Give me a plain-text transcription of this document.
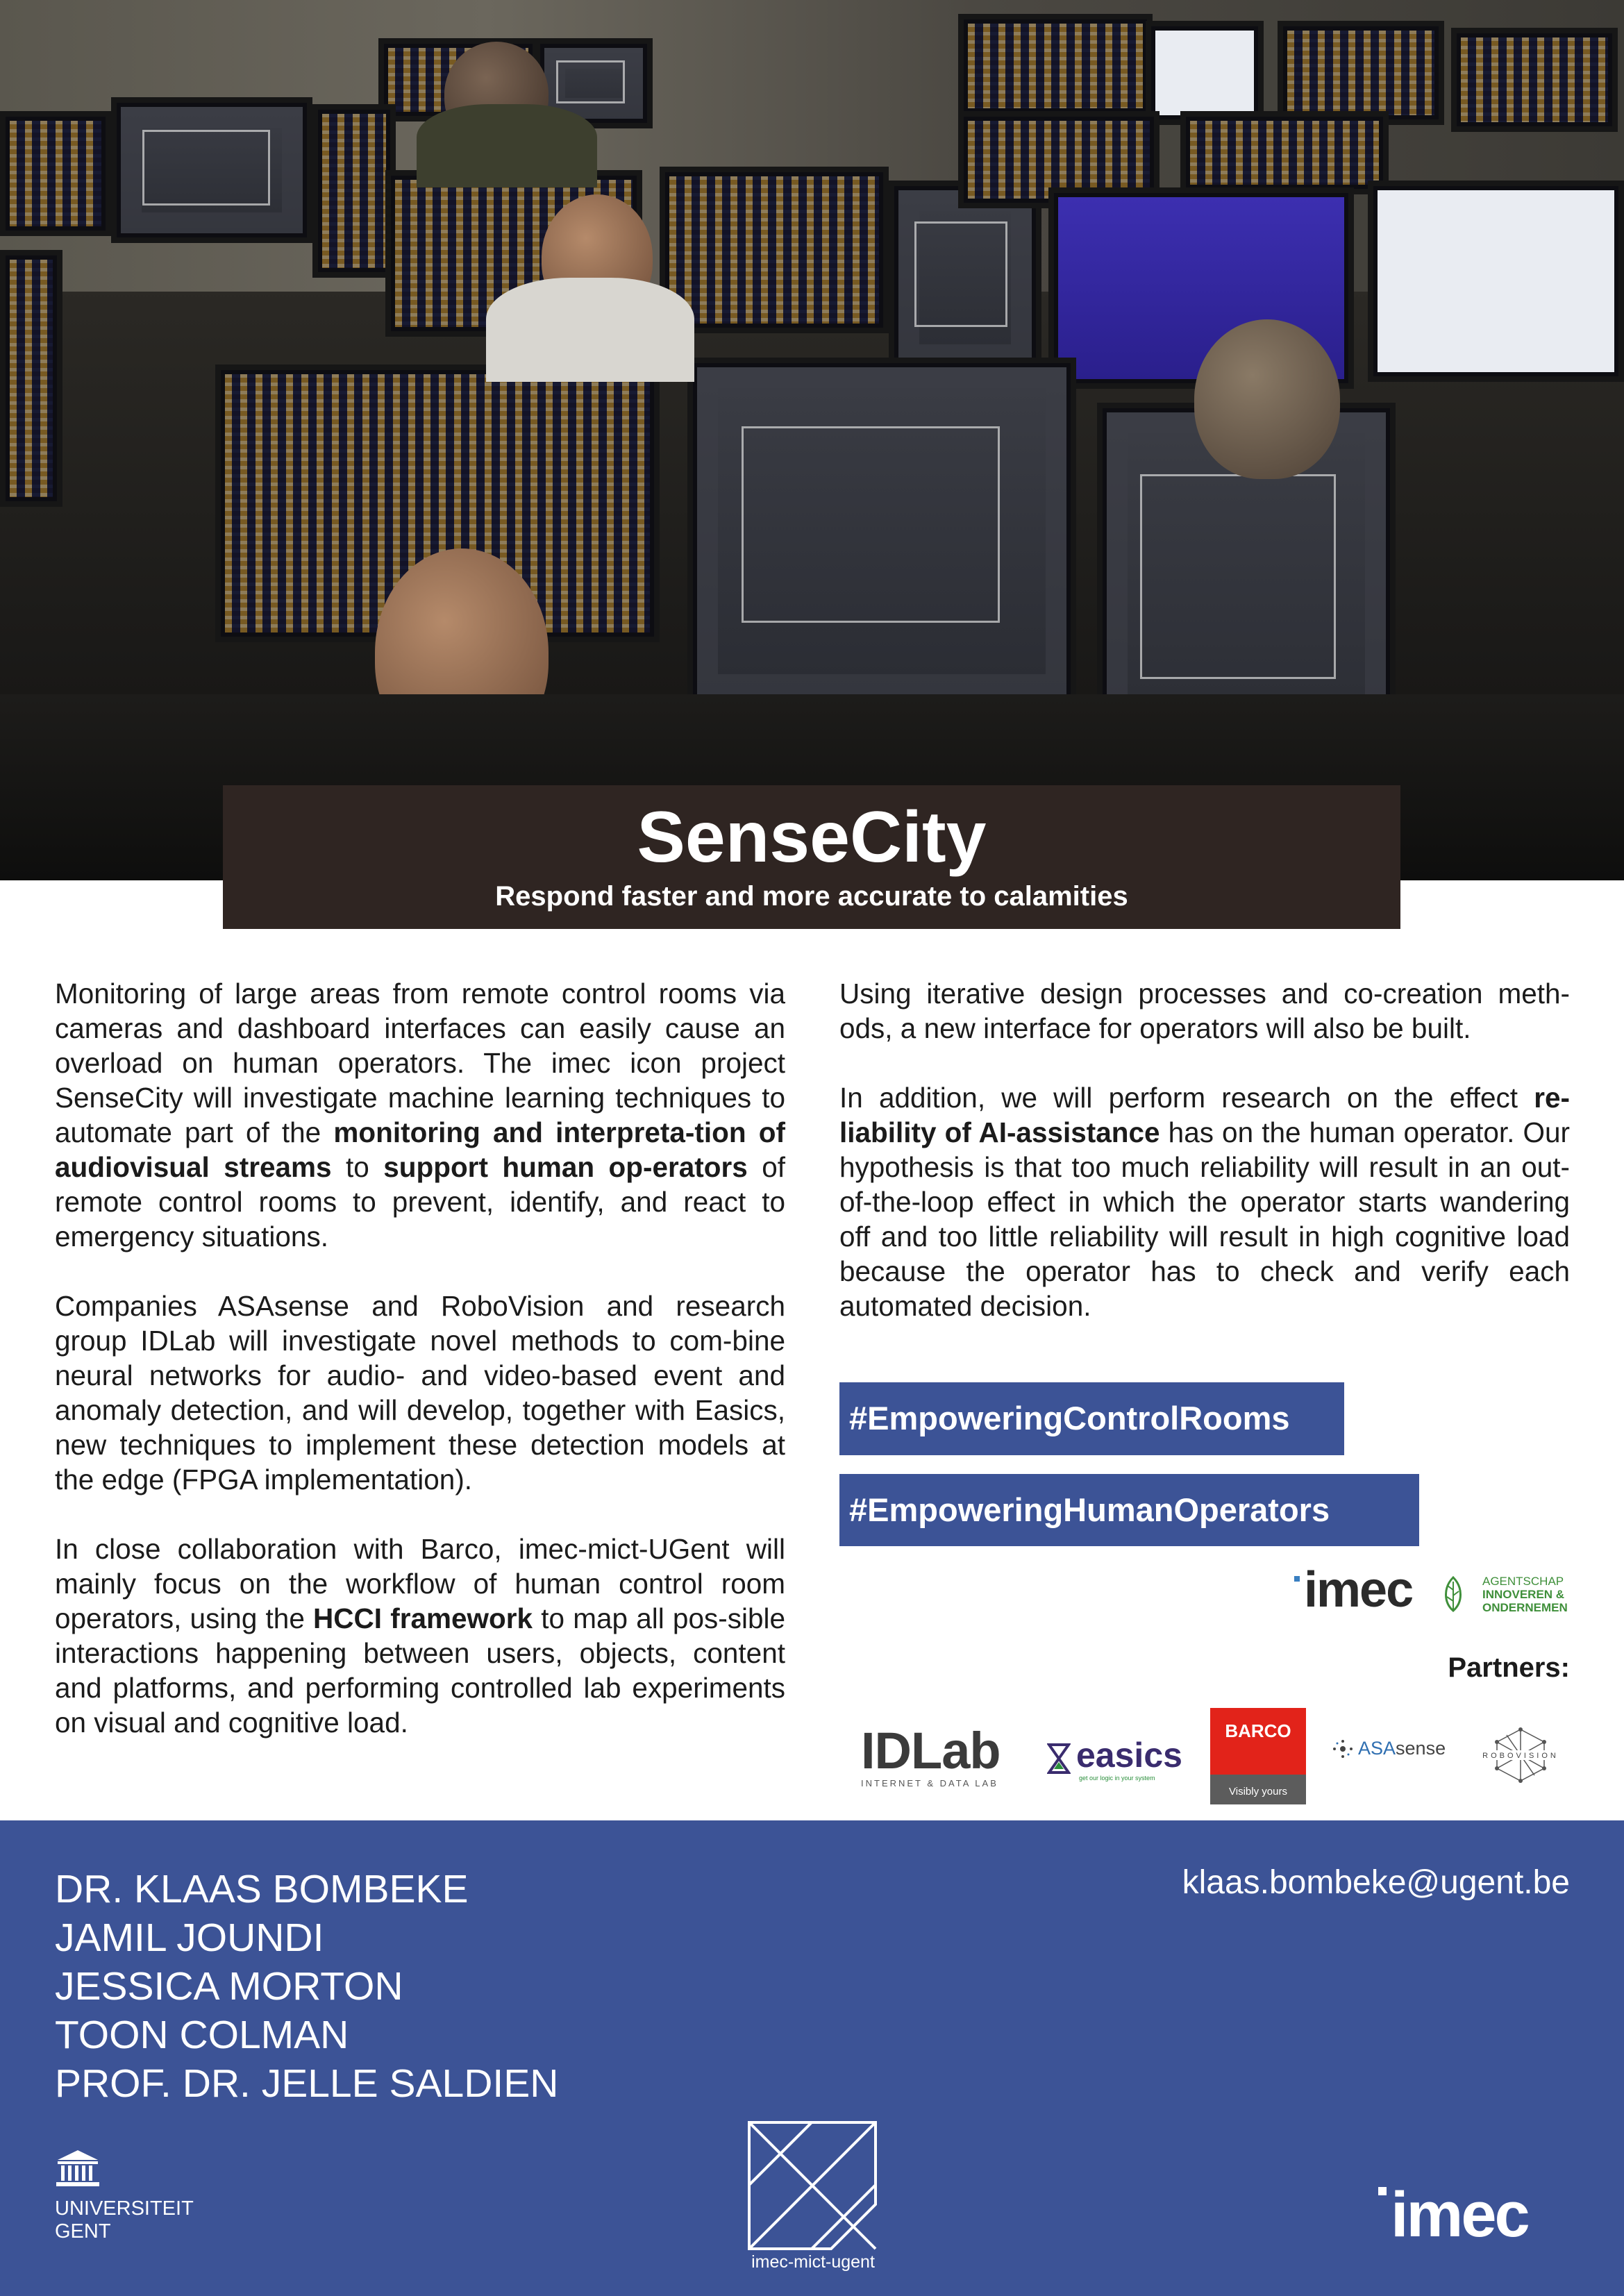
SenseCity
Respond faster and more accurate to calamities

Monitoring of large areas from remote control rooms via cameras and dashboard interfaces can easily cause an overload on human operators. The imec icon project SenseCity will investigate machine learning techniques to automate part of the monitoring and interpreta-tion of audiovisual streams to support human op-erators of remote control rooms to prevent, identify, and react to emergency situations.

Companies ASAsense and RoboVision and research group IDLab will investigate novel methods to com-bine neural networks for audio- and video-based event and anomaly detection, and will develop, together with Easics, new techniques to implement these detection models at the edge (FPGA implementation).

In close collaboration with Barco, imec-mict-UGent will mainly focus on the workflow of human control room operators, using the HCCI framework to map all pos-sible interactions happening between users, objects, content and platforms, and performing controlled lab experiments on visual and cognitive load.

Using iterative design processes and co-creation meth-ods, a new interface for operators will also be built.

In addition, we will perform research on the effect re-liability of AI-assistance has on the human operator. Our hypothesis is that too much reliability will result in an out-of-the-loop effect in which the operator starts wandering off and too little reliability will result in high cognitive load because the operator has to check and verify each automated decision.

#EmpoweringControlRooms
#EmpoweringHumanOperators
imec	AGENTSCHAP
INNOVEREN &
ONDERNEMEN
Partners:
IDLab
INTERNET & DATA LAB
easics
get our logic in your system
BARCO
Visibly yours
ASAsense	ROBOVISION
DR. KLAAS BOMBEKE
JAMIL JOUNDI
JESSICA MORTON
TOON COLMAN
PROF. DR. JELLE SALDIEN
klaas.bombeke@ugent.be
UNIVERSITEIT
GENT
imec-mict-ugent
imec
